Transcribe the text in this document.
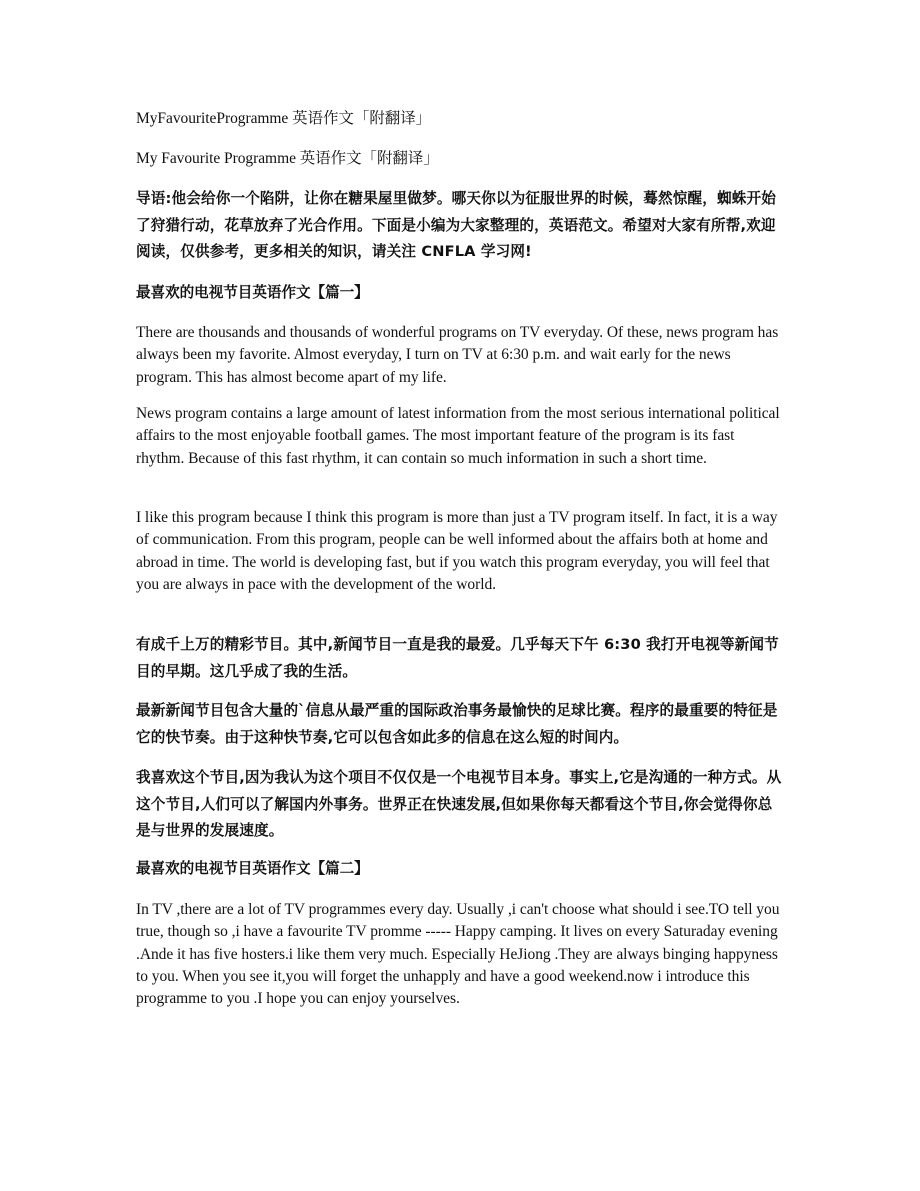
MyFavouriteProgramme 英语作文「附翻译」

My Favourite Programme 英语作文「附翻译」

导语:他会给你一个陷阱，让你在糖果屋里做梦。哪天你以为征服世界的时候，蓦然惊醒，蜘蛛开始了狩猎行动，花草放弃了光合作用。下面是小编为大家整理的，英语范文。希望对大家有所帮,欢迎阅读，仅供参考，更多相关的知识，请关注 CNFLA 学习网!

最喜欢的电视节目英语作文【篇一】

There are thousands and thousands of wonderful programs on TV everyday. Of these, news program has always been my favorite. Almost everyday, I turn on TV at 6:30 p.m. and wait early for the news program. This has almost become apart of my life.

News program contains a large amount of latest information from the most serious international political affairs to the most enjoyable football games. The most important feature of the program is its fast rhythm. Because of this fast rhythm, it can contain so much information in such a short time.

I like this program because I think this program is more than just a TV program itself. In fact, it is a way of communication. From this program, people can be well informed about the affairs both at home and abroad in time. The world is developing fast, but if you watch this program everyday, you will feel that you are always in pace with the development of the world.

有成千上万的精彩节目。其中,新闻节目一直是我的最爱。几乎每天下午 6:30 我打开电视等新闻节目的早期。这几乎成了我的生活。

最新新闻节目包含大量的`信息从最严重的国际政治事务最愉快的足球比赛。程序的最重要的特征是它的快节奏。由于这种快节奏,它可以包含如此多的信息在这么短的时间内。

我喜欢这个节目,因为我认为这个项目不仅仅是一个电视节目本身。事实上,它是沟通的一种方式。从这个节目,人们可以了解国内外事务。世界正在快速发展,但如果你每天都看这个节目,你会觉得你总是与世界的发展速度。

最喜欢的电视节目英语作文【篇二】

In TV ,there are a lot of TV programmes every day. Usually ,i can't choose what should i see.TO tell you true, though so ,i have a favourite TV promme ----- Happy camping. It lives on every Saturaday evening .Ande it has five hosters.i like them very much. Especially HeJiong .They are always binging happyness to you. When you see it,you will forget the unhapply and have a good weekend.now i introduce this programme to you .I hope you can enjoy yourselves.
